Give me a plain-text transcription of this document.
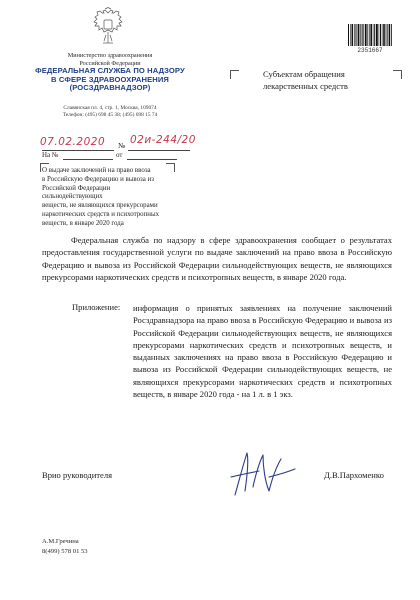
Министерство здравоохранения
Российской Федерации
ФЕДЕРАЛЬНАЯ СЛУЖБА ПО НАДЗОРУ
В СФЕРЕ ЗДРАВООХРАНЕНИЯ
(РОСЗДРАВНАДЗОР)
Славянская пл. 4, стр. 1, Москва, 109074
Телефон: (495) 698 45 38; (495) 698 15 74
2351667
Субъектам обращения
лекарственных средств
07.02.2020 № 02и-244/20
На №	от
О выдаче заключений на право ввоза
в Российскую Федерацию и вывоза из
Российской Федерации сильнодействующих
веществ, не являющихся прекурсорами
наркотических средств и психотропных
веществ, в январе 2020 года

Федеральная служба по надзору в сфере здравоохранения сообщает о результатах предоставления государственной услуги по выдаче заключений на право ввоза в Российскую Федерацию и вывоза из Российской Федерации сильнодействующих веществ, не являющихся прекурсорами наркотических средств и психотропных веществ, в январе 2020 года.

Приложение: информация о принятых заявлениях на получение заключений Росздравнадзора на право ввоза в Российскую Федерацию и вывоза из Российской Федерации сильнодействующих веществ, не являющихся прекурсорами наркотических средств и психотропных веществ, и выданных заключениях на право ввоза в Российскую Федерацию и вывоза из Российской Федерации сильнодействующих веществ, не являющихся прекурсорами наркотических средств и психотропных веществ, в январе 2020 года - на 1 л. в 1 экз.

Врио руководителя	Д.В.Пархоменко
А.М.Гречина
8(499) 578 01 53
